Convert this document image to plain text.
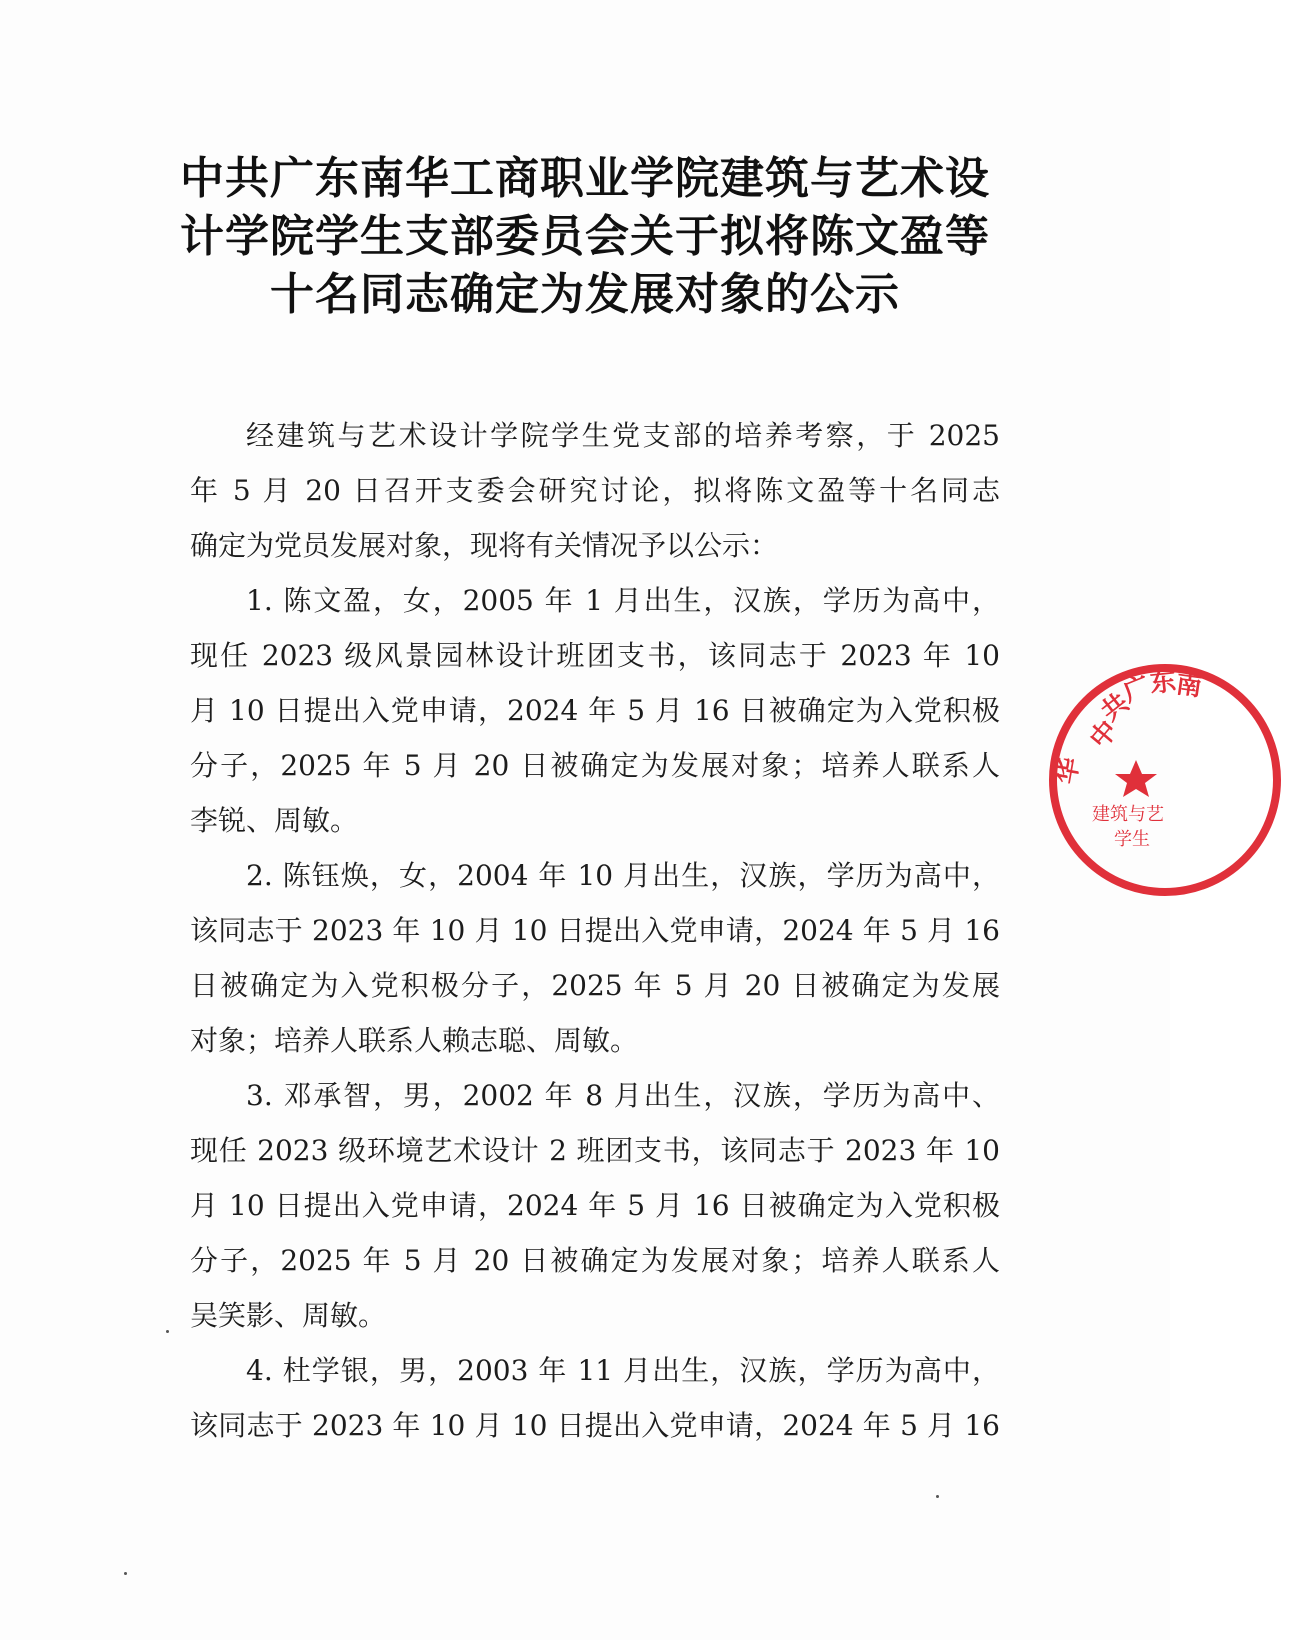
中共广东南华工商职业学院建筑与艺术设
计学院学生支部委员会关于拟将陈文盈等
十名同志确定为发展对象的公示
经建筑与艺术设计学院学生党支部的培养考察，于 2025
年 5 月 20 日召开支委会研究讨论，拟将陈文盈等十名同志
确定为党员发展对象，现将有关情况予以公示：
1. 陈文盈，女，2005 年 1 月出生，汉族，学历为高中，
现任 2023 级风景园林设计班团支书，该同志于 2023 年 10
月 10 日提出入党申请，2024 年 5 月 16 日被确定为入党积极
分子，2025 年 5 月 20 日被确定为发展对象；培养人联系人
李锐、周敏。
2. 陈钰焕，女，2004 年 10 月出生，汉族，学历为高中，
该同志于 2023 年 10 月 10 日提出入党申请，2024 年 5 月 16
日被确定为入党积极分子，2025 年 5 月 20 日被确定为发展
对象；培养人联系人赖志聪、周敏。
3. 邓承智，男，2002 年 8 月出生，汉族，学历为高中、
现任 2023 级环境艺术设计 2 班团支书，该同志于 2023 年 10
月 10 日提出入党申请，2024 年 5 月 16 日被确定为入党积极
分子，2025 年 5 月 20 日被确定为发展对象；培养人联系人
吴笑影、周敏。
4. 杜学银，男，2003 年 11 月出生，汉族，学历为高中，
该同志于 2023 年 10 月 10 日提出入党申请，2024 年 5 月 16
中
共
广
东
南
华
建筑与艺
学生
